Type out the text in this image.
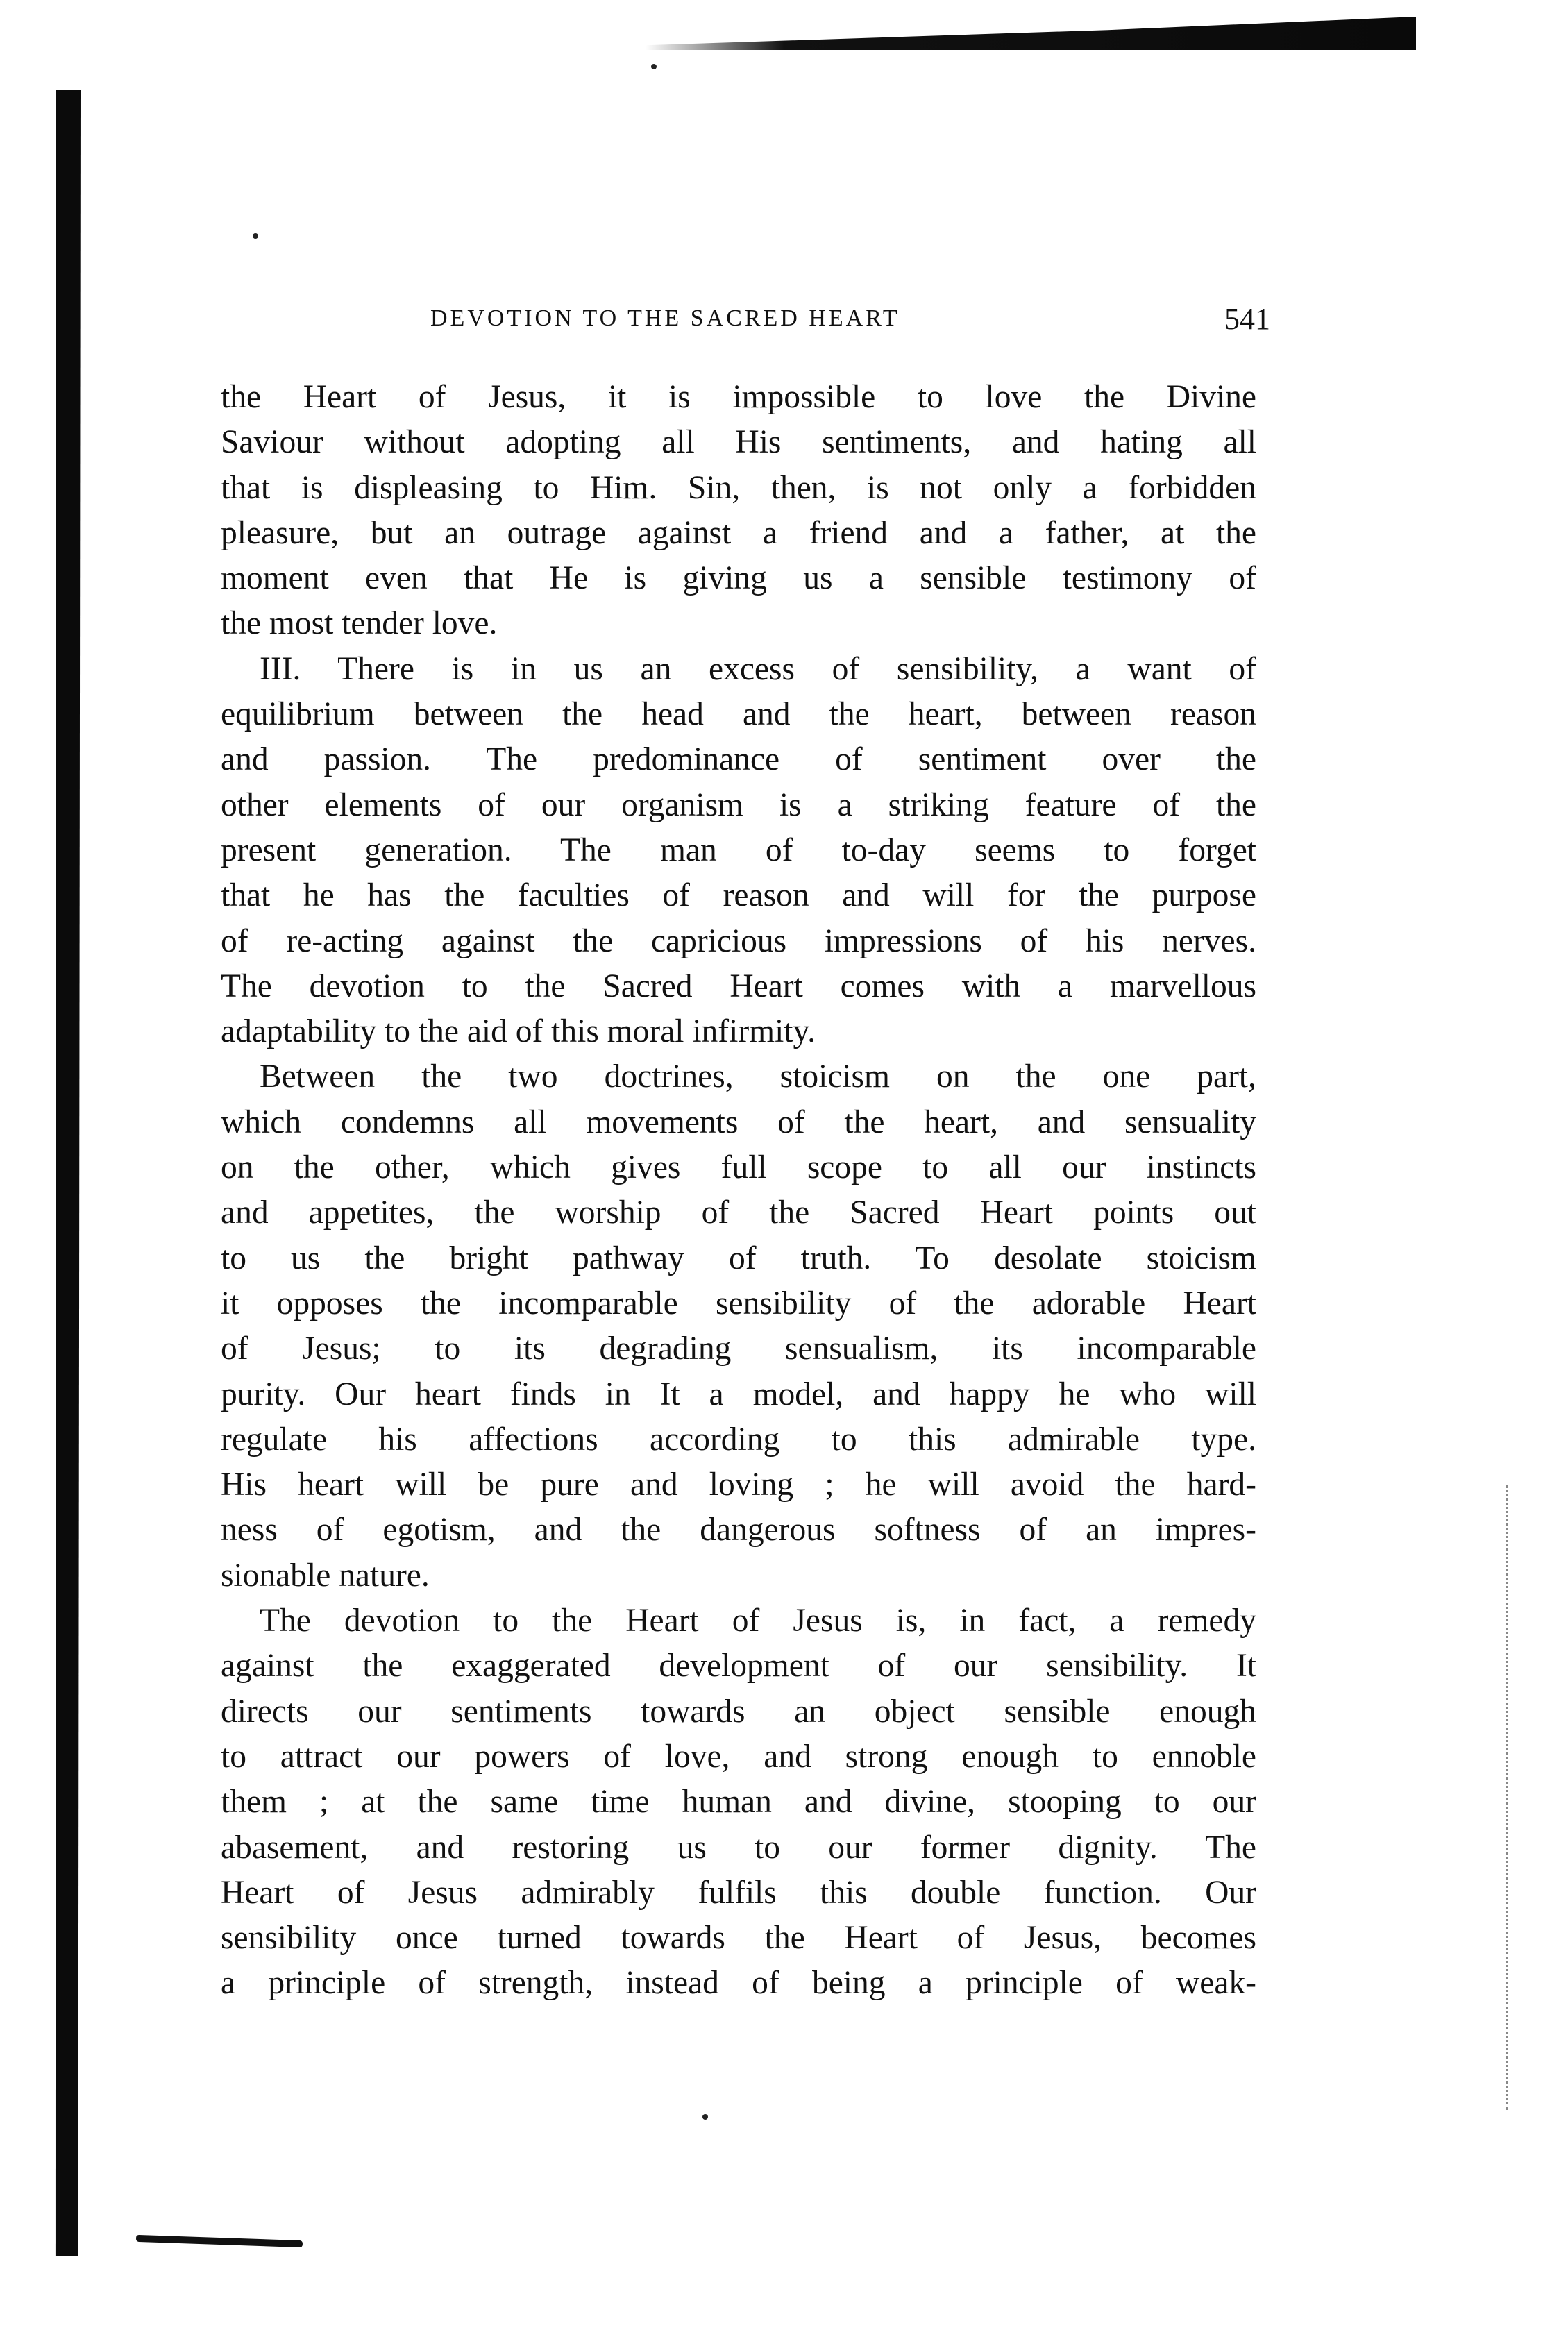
DEVOTION TO THE SACRED HEART	541
the Heart of Jesus, it is impossible to love the Divine
Saviour without adopting all His sentiments, and hating all
that is displeasing to Him. Sin, then, is not only a forbidden
pleasure, but an outrage against a friend and a father, at the
moment even that He is giving us a sensible testimony of
the most tender love.
III. There is in us an excess of sensibility, a want of
equilibrium between the head and the heart, between reason
and passion. The predominance of sentiment over the
other elements of our organism is a striking feature of the
present generation. The man of to-day seems to forget
that he has the faculties of reason and will for the purpose
of re-acting against the capricious impressions of his nerves.
The devotion to the Sacred Heart comes with a marvellous
adaptability to the aid of this moral infirmity.
Between the two doctrines, stoicism on the one part,
which condemns all movements of the heart, and sensuality
on the other, which gives full scope to all our instincts
and appetites, the worship of the Sacred Heart points out
to us the bright pathway of truth. To desolate stoicism
it opposes the incomparable sensibility of the adorable Heart
of Jesus; to its degrading sensualism, its incomparable
purity. Our heart finds in It a model, and happy he who will
regulate his affections according to this admirable type.
His heart will be pure and loving ; he will avoid the hard-
ness of egotism, and the dangerous softness of an impres-
sionable nature.
The devotion to the Heart of Jesus is, in fact, a remedy
against the exaggerated development of our sensibility. It
directs our sentiments towards an object sensible enough
to attract our powers of love, and strong enough to ennoble
them ; at the same time human and divine, stooping to our
abasement, and restoring us to our former dignity. The
Heart of Jesus admirably fulfils this double function. Our
sensibility once turned towards the Heart of Jesus, becomes
a principle of strength, instead of being a principle of weak-
